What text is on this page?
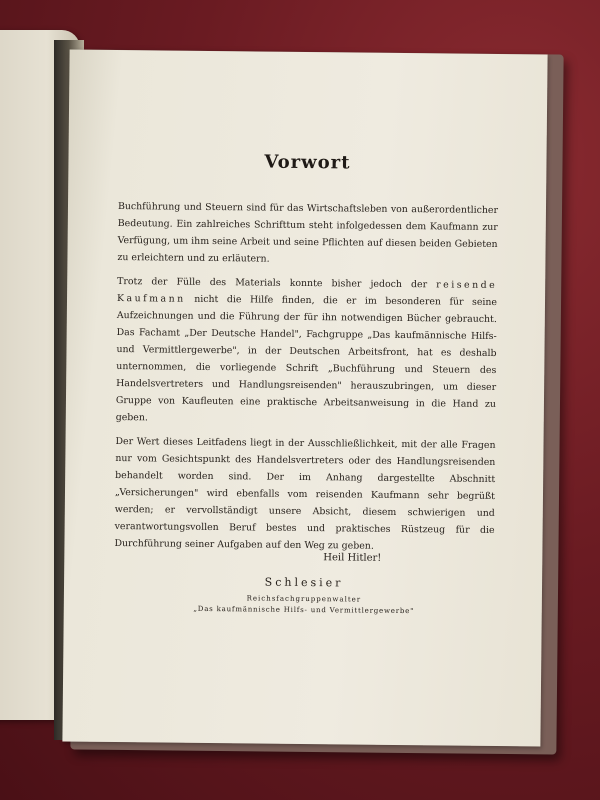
Vorwort

Buchführung und Steuern sind für das Wirtschaftsleben von außerordentlicher Bedeutung. Ein zahlreiches Schrifttum steht infolgedessen dem Kaufmann zur Verfügung, um ihm seine Arbeit und seine Pflichten auf diesen beiden Gebieten zu erleichtern und zu erläutern.

Trotz der Fülle des Materials konnte bisher jedoch der reisende Kaufmann nicht die Hilfe finden, die er im besonderen für seine Aufzeichnungen und die Führung der für ihn notwendigen Bücher gebraucht. Das Fachamt „Der Deutsche Handel", Fachgruppe „Das kaufmännische Hilfs- und Vermittlergewerbe", in der Deutschen Arbeitsfront, hat es deshalb unternommen, die vorliegende Schrift „Buchführung und Steuern des Handelsvertreters und Handlungsreisenden" herauszubringen, um dieser Gruppe von Kaufleuten eine praktische Arbeitsanweisung in die Hand zu geben.

Der Wert dieses Leitfadens liegt in der Ausschließlichkeit, mit der alle Fragen nur vom Gesichtspunkt des Handelsvertreters oder des Handlungsreisenden behandelt worden sind. Der im Anhang dargestellte Abschnitt „Versicherungen" wird ebenfalls vom reisenden Kaufmann sehr begrüßt werden; er vervollständigt unsere Absicht, diesem schwierigen und verantwortungsvollen Beruf bestes und praktisches Rüstzeug für die Durchführung seiner Aufgaben auf den Weg zu geben.

Heil Hitler!
Schlesier
Reichsfachgruppenwalter
„Das kaufmännische Hilfs- und Vermittlergewerbe"
